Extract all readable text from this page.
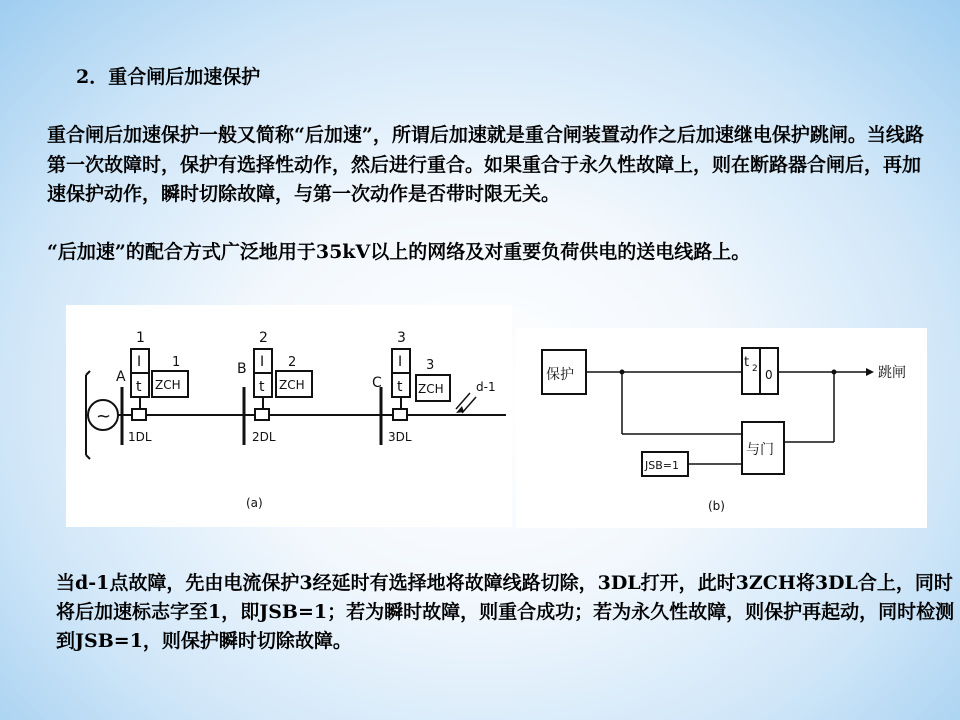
2．重合闸后加速保护
重合闸后加速保护一般又简称“后加速”，所谓后加速就是重合闸装置动作之后加速继电保护跳闸。当线路第一次故障时，保护有选择性动作，然后进行重合。如果重合于永久性故障上，则在断路器合闸后，再加速保护动作，瞬时切除故障，与第一次动作是否带时限无关。
“后加速”的配合方式广泛地用于35kV以上的网络及对重要负荷供电的送电线路上。
~
A
I
t
1
ZCH
1
1DL
B I
t
2
ZCH
2
2DL
C
I
t
3
ZCH
3
3DL
d-1
(a)
保护
t 2 0	跳闸
与门
JSB=1
(b)
当d-1点故障，先由电流保护3经延时有选择地将故障线路切除，3DL打开，此时3ZCH将3DL合上，同时将后加速标志字至1，即JSB=1；若为瞬时故障，则重合成功；若为永久性故障，则保护再起动，同时检测到JSB=1，则保护瞬时切除故障。
